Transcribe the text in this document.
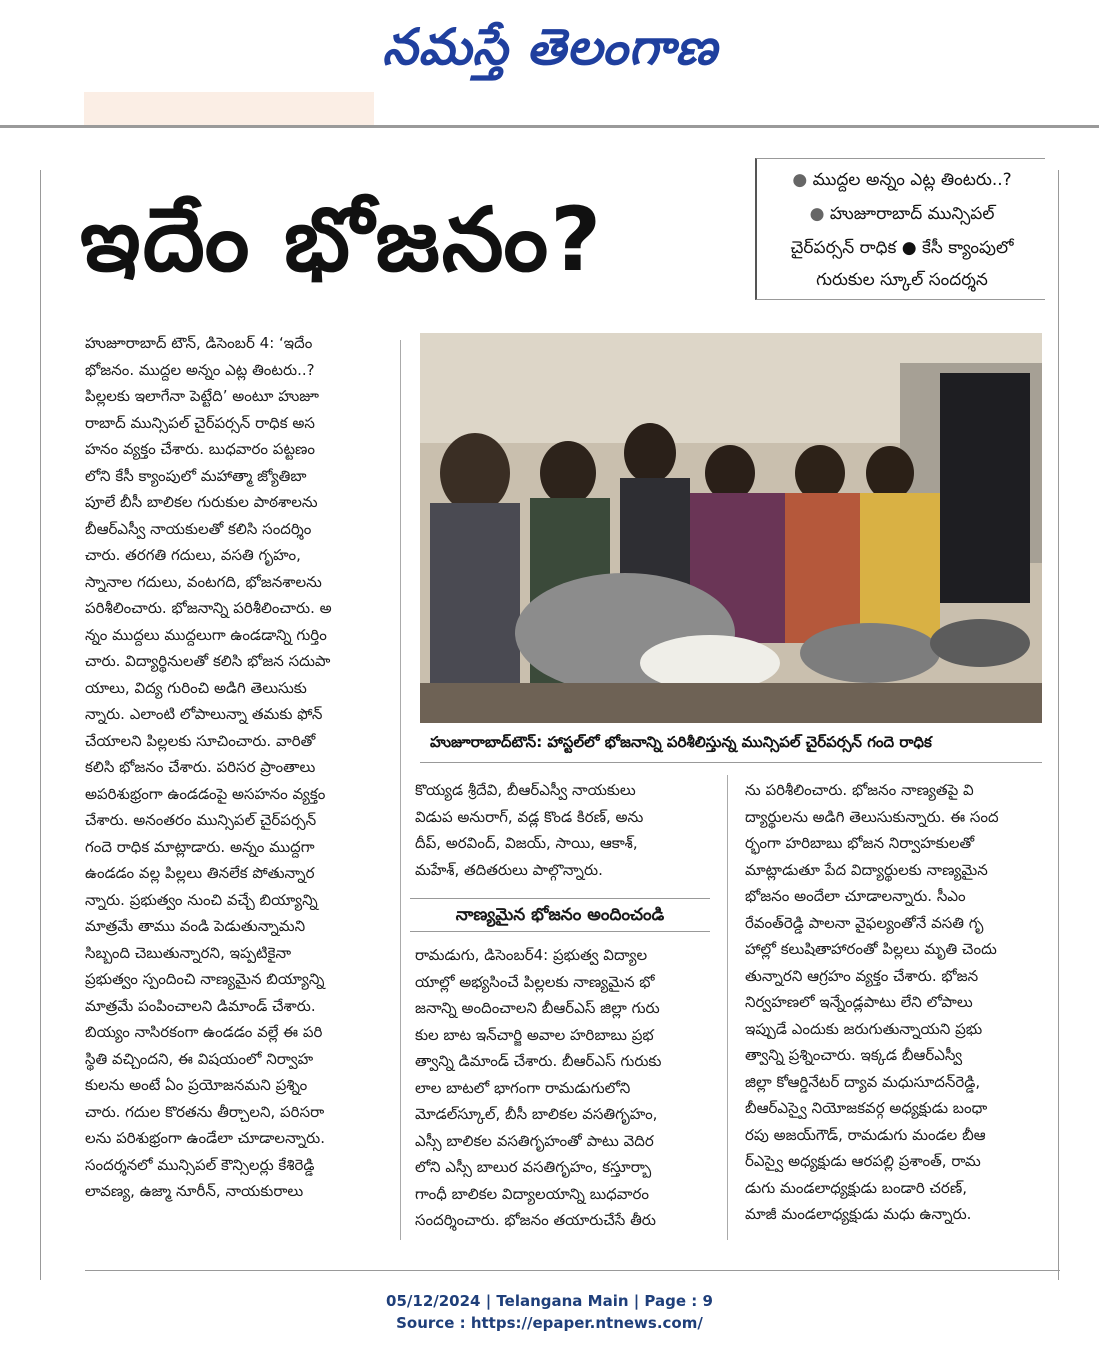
నమస్తే తెలంగాణ
ఇదేం భోజనం?
● ముద్దల అన్నం ఎట్ల తింటరు..?
● హుజూరాబాద్ మున్సిపల్
చైర్‌పర్సన్ రాధిక ● కేసీ క్యాంపులో
గురుకుల స్కూల్ సందర్శన

హుజూరాబాద్ టౌన్, డిసెంబర్ 4: ‘ఇదేం

భోజనం. ముద్దల అన్నం ఎట్ల తింటరు..?

పిల్లలకు ఇలాగేనా పెట్టేది’ అంటూ హుజూ

రాబాద్ మున్సిపల్ చైర్‌పర్సన్ రాధిక అస

హనం వ్యక్తం చేశారు. బుధవారం పట్టణం

లోని కేసీ క్యాంపులో మహాత్మా జ్యోతిబా

పూలే బీసీ బాలికల గురుకుల పాఠశాలను

బీఆర్ఎస్వీ నాయకులతో కలిసి సందర్శిం

చారు. తరగతి గదులు, వసతి గృహం,

స్నానాల గదులు, వంటగది, భోజనశాలను

పరిశీలించారు. భోజనాన్ని పరిశీలించారు. అ

న్నం ముద్దలు ముద్దలుగా ఉండడాన్ని గుర్తిం

చారు. విద్యార్థినులతో కలిసి భోజన సదుపా

యాలు, విద్య గురించి అడిగి తెలుసుకు

న్నారు. ఎలాంటి లోపాలున్నా తమకు ఫోన్

చేయాలని పిల్లలకు సూచించారు. వారితో

కలిసి భోజనం చేశారు. పరిసర ప్రాంతాలు

అపరిశుభ్రంగా ఉండడంపై అసహనం వ్యక్తం

చేశారు. అనంతరం మున్సిపల్ చైర్‌పర్సన్

గందె రాధిక మాట్లాడారు. అన్నం ముద్దగా

ఉండడం వల్ల పిల్లలు తినలేక పోతున్నార

న్నారు. ప్రభుత్వం నుంచి వచ్చే బియ్యాన్ని

మాత్రమే తాము వండి పెడుతున్నామని

సిబ్బంది చెబుతున్నారని, ఇప్పటికైనా

ప్రభుత్వం స్పందించి నాణ్యమైన బియ్యాన్ని

మాత్రమే పంపించాలని డిమాండ్ చేశారు.

బియ్యం నాసిరకంగా ఉండడం వల్లే ఈ పరి

స్థితి వచ్చిందని, ఈ విషయంలో నిర్వాహ

కులను అంటే ఏం ప్రయోజనమని ప్రశ్నిం

చారు. గదుల కొరతను తీర్చాలని, పరిసరా

లను పరిశుభ్రంగా ఉండేలా చూడాలన్నారు.

సందర్శనలో మున్సిపల్ కౌన్సిలర్లు కేశిరెడ్డి

లావణ్య, ఉజ్మా నూరీన్, నాయకురాలు

హుజూరాబాద్‌టౌన్: హాస్టల్‌లో భోజనాన్ని పరిశీలిస్తున్న మున్సిపల్ చైర్‌పర్సన్ గందె రాధిక

కొయ్యడ శ్రీదేవి, బీఆర్ఎస్వీ నాయకులు

విడుప అనురాగ్, వడ్ల కొండ కిరణ్, అను

దీప్, అరవింద్, విజయ్, సాయి, ఆకాశ్,

మహేశ్, తదితరులు పాల్గొన్నారు.

నాణ్యమైన భోజనం అందించండి

రామడుగు, డిసెంబర్4: ప్రభుత్వ విద్యాల

యాల్లో అభ్యసించే పిల్లలకు నాణ్యమైన భో

జనాన్ని అందించాలని బీఆర్ఎస్ జిల్లా గురు

కుల బాట ఇన్‌చార్జి అవాల హరిబాబు ప్రభ

త్వాన్ని డిమాండ్ చేశారు. బీఆర్ఎస్ గురుకు

లాల బాటలో భాగంగా రామడుగులోని

మోడల్‌స్కూల్, బీసీ బాలికల వసతిగృహం,

ఎస్సీ బాలికల వసతిగృహంతో పాటు వెదిర

లోని ఎస్సీ బాలుర వసతిగృహం, కస్తూర్బా

గాంధీ బాలికల విద్యాలయాన్ని బుధవారం

సందర్శించారు. భోజనం తయారుచేసే తీరు

ను పరిశీలించారు. భోజనం నాణ్యతపై వి

ద్యార్థులను అడిగి తెలుసుకున్నారు. ఈ సంద

ర్భంగా హరిబాబు భోజన నిర్వాహకులతో

మాట్లాడుతూ పేద విద్యార్థులకు నాణ్యమైన

భోజనం అందేలా చూడాలన్నారు. సీఎం

రేవంత్‌రెడ్డి పాలనా వైఫల్యంతోనే వసతి గృ

హాల్లో కలుషితాహారంతో పిల్లలు మృతి చెందు

తున్నారని ఆగ్రహం వ్యక్తం చేశారు. భోజన

నిర్వహణలో ఇన్నేండ్లపాటు లేని లోపాలు

ఇప్పుడే ఎందుకు జరుగుతున్నాయని ప్రభు

త్వాన్ని ప్రశ్నించారు. ఇక్కడ బీఆర్ఎస్వీ

జిల్లా కోఆర్డినేటర్ ద్యావ మధుసూదన్‌రెడ్డి,

బీఆర్ఎస్వై నియోజకవర్గ అధ్యక్షుడు బంధా

రపు అజయ్‌గౌడ్, రామడుగు మండల బీఆ

ర్ఎస్వై అధ్యక్షుడు ఆరపల్లి ప్రశాంత్, రామ

డుగు మండలాధ్యక్షుడు బండారి చరణ్,

మాజీ మండలాధ్యక్షుడు మధు ఉన్నారు.

05/12/2024 | Telangana Main | Page : 9
Source : https://epaper.ntnews.com/
